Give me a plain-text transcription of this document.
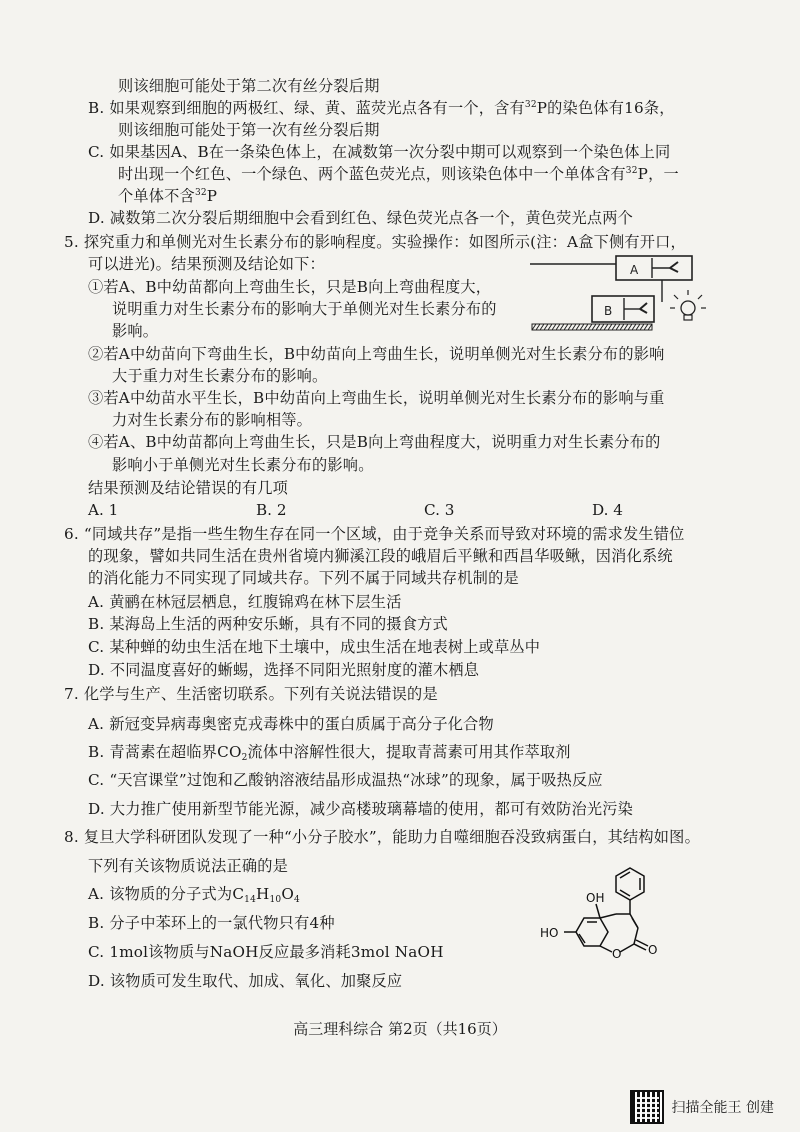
则该细胞可能处于第二次有丝分裂后期
B. 如果观察到细胞的两极红、绿、黄、蓝荧光点各有一个，含有$^{32}$P的染色体有16条，
则该细胞可能处于第一次有丝分裂后期
C. 如果基因A、B在一条染色体上，在减数第一次分裂中期可以观察到一个染色体上同
时出现一个红色、一个绿色、两个蓝色荧光点，则该染色体中一个单体含有$^{32}$P，一
个单体不含$^{32}$P
D. 减数第二次分裂后期细胞中会看到红色、绿色荧光点各一个，黄色荧光点两个
5. 探究重力和单侧光对生长素分布的影响程度。实验操作：如图所示(注：A盒下侧有开口，
可以进光)。结果预测及结论如下：
①若A、B中幼苗都向上弯曲生长，只是B向上弯曲程度大，
说明重力对生长素分布的影响大于单侧光对生长素分布的
影响。
②若A中幼苗向下弯曲生长，B中幼苗向上弯曲生长，说明单侧光对生长素分布的影响
大于重力对生长素分布的影响。
③若A中幼苗水平生长，B中幼苗向上弯曲生长，说明单侧光对生长素分布的影响与重
力对生长素分布的影响相等。
④若A、B中幼苗都向上弯曲生长，只是B向上弯曲程度大，说明重力对生长素分布的
影响小于单侧光对生长素分布的影响。
结果预测及结论错误的有几项
A. 1	B. 2	C. 3	D. 4
A
B
6. “同域共存”是指一些生物生存在同一个区域，由于竞争关系而导致对环境的需求发生错位
的现象，譬如共同生活在贵州省境内狮溪江段的峨眉后平鳅和西昌华吸鳅，因消化系统
的消化能力不同实现了同域共存。下列不属于同域共存机制的是
A. 黄鹂在林冠层栖息，红腹锦鸡在林下层生活
B. 某海岛上生活的两种安乐蜥，具有不同的摄食方式
C. 某种蝉的幼虫生活在地下土壤中，成虫生活在地表树上或草丛中
D. 不同温度喜好的蜥蜴，选择不同阳光照射度的灌木栖息
7. 化学与生产、生活密切联系。下列有关说法错误的是
A. 新冠变异病毒奥密克戎毒株中的蛋白质属于高分子化合物
B. 青蒿素在超临界$CO_2$流体中溶解性很大，提取青蒿素可用其作萃取剂
C. “天宫课堂”过饱和乙酸钠溶液结晶形成温热“冰球”的现象，属于吸热反应
D. 大力推广使用新型节能光源，减少高楼玻璃幕墙的使用，都可有效防治光污染
8. 复旦大学科研团队发现了一种“小分子胶水”，能助力自噬细胞吞没致病蛋白，其结构如图。
下列有关该物质说法正确的是
A. 该物质的分子式为$C_{14}H_{10}O_4$
B. 分子中苯环上的一氯代物只有4种
C. 1mol该物质与NaOH反应最多消耗3mol NaOH
D. 该物质可发生取代、加成、氧化、加聚反应
OH
HO
O O
高三理科综合 第2页（共16页）
扫描全能王 创建
